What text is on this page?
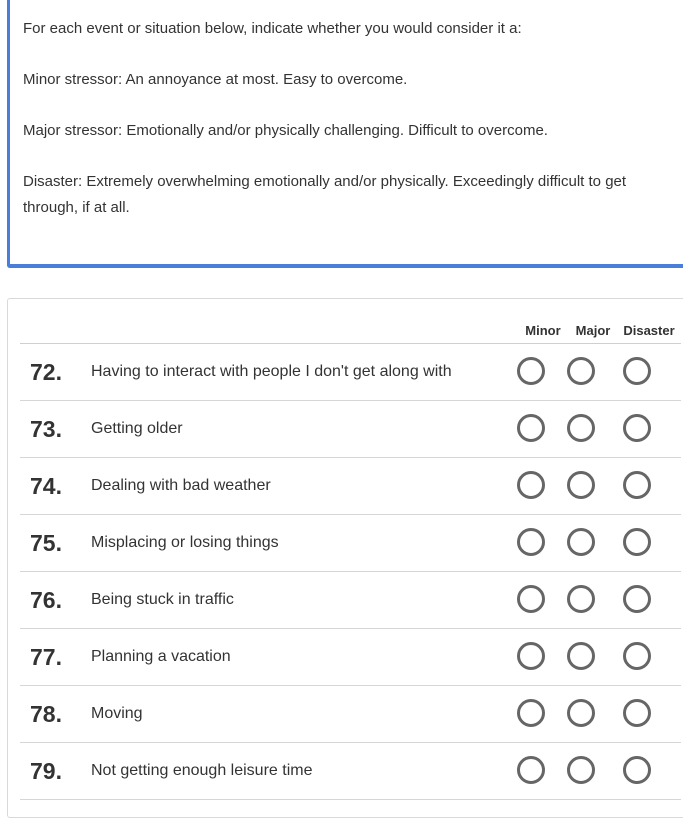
For each event or situation below, indicate whether you would consider it a:

Minor stressor: An annoyance at most. Easy to overcome.

Major stressor: Emotionally and/or physically challenging. Difficult to overcome.

Disaster: Extremely overwhelming emotionally and/or physically. Exceedingly difficult to get through, if at all.

Minor	Major	Disaster
72. Having to interact with people I don't get along with
73. Getting older
74. Dealing with bad weather
75. Misplacing or losing things
76. Being stuck in traffic
77. Planning a vacation
78. Moving
79. Not getting enough leisure time
